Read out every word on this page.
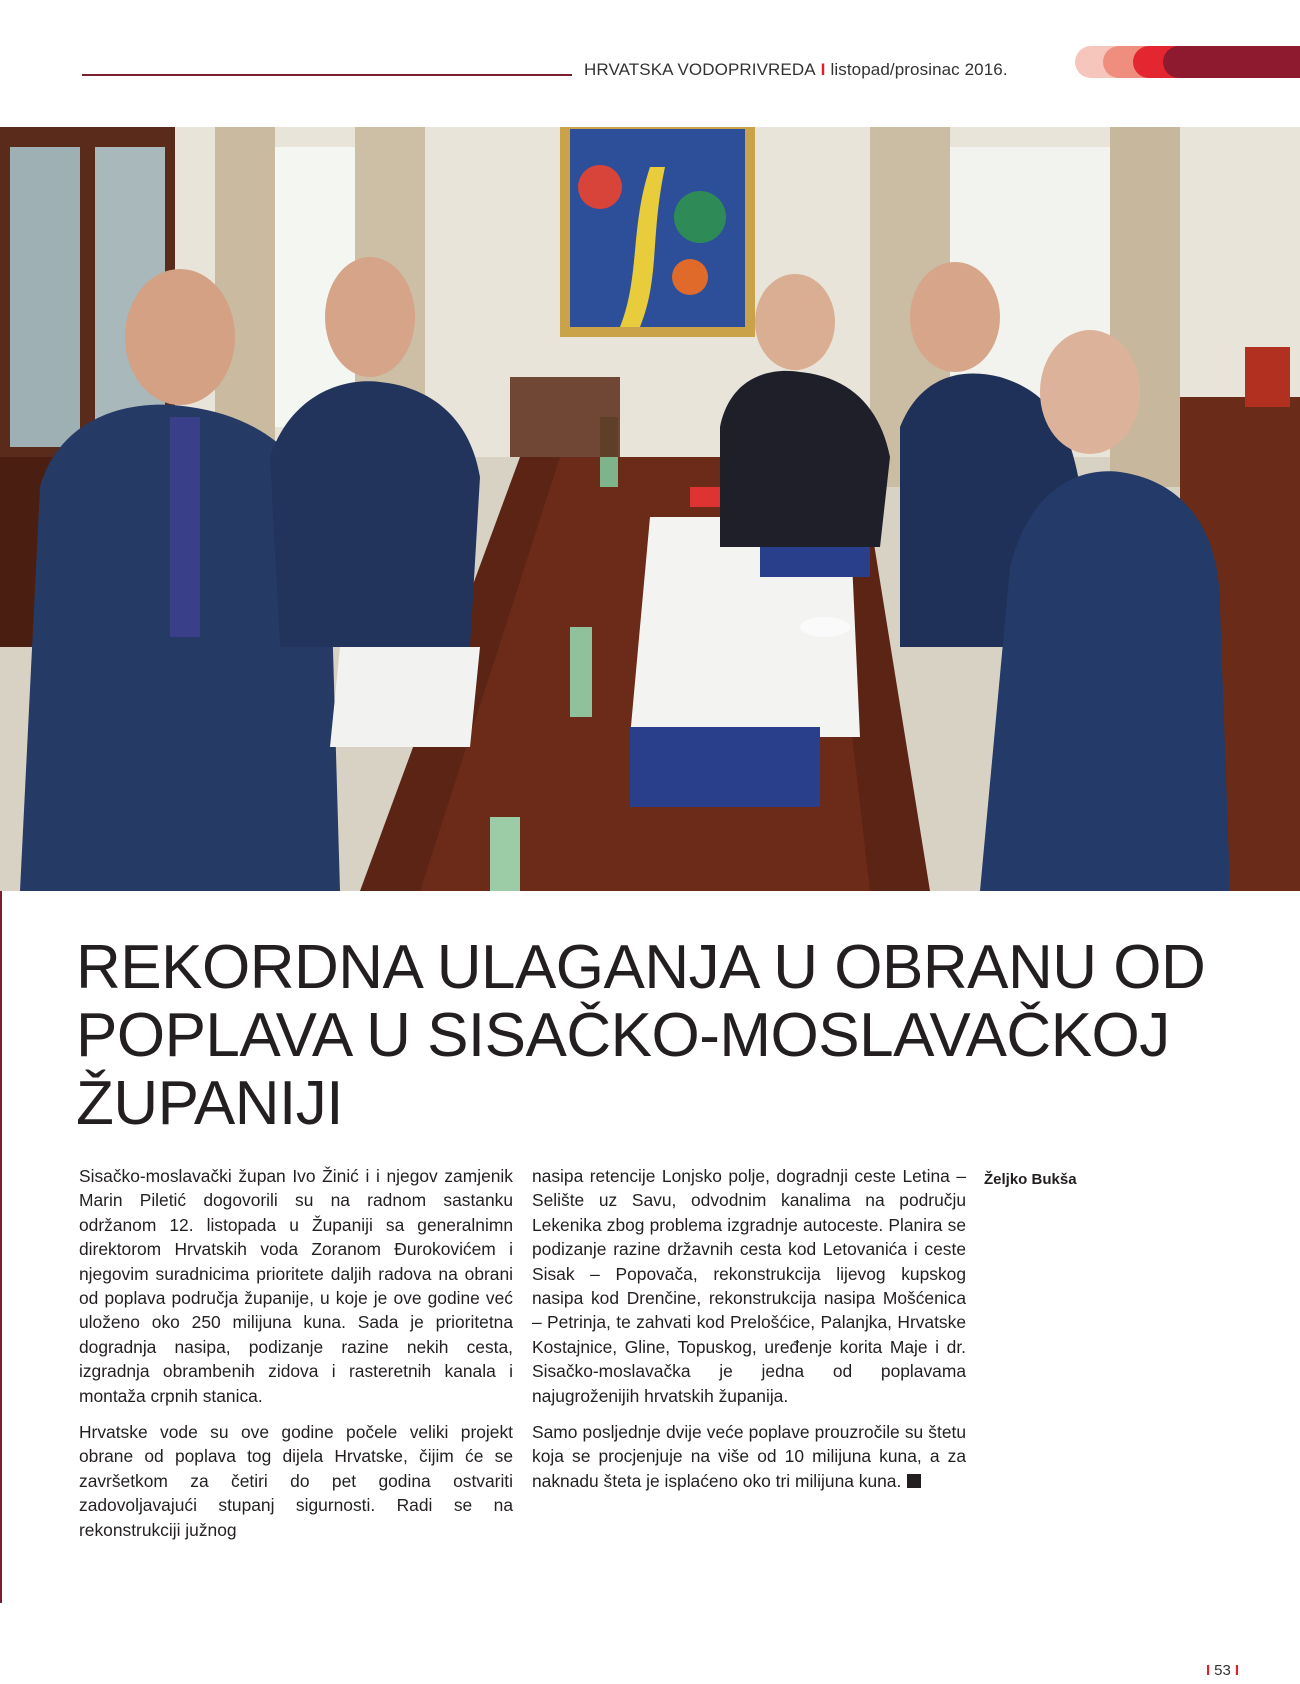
HRVATSKA VODOPRIVREDA I listopad/prosinac 2016.
REKORDNA ULAGANJA U OBRANU OD POPLAVA U SISAČKO-MOSLAVAČKOJ ŽUPANIJI

Sisačko-moslavački župan Ivo Žinić i i njegov zamjenik Marin Piletić dogovorili su na radnom sastanku održanom 12. listopada u Županiji sa generalnimn direktorom Hrvatskih voda Zoranom Đurokovićem i njegovim suradnicima prioritete daljih radova na obrani od poplava područja županije, u koje je ove godine već uloženo oko 250 milijuna kuna. Sada je prioritetna dogradnja nasipa, podizanje razine nekih cesta, izgradnja obrambenih zidova i rasteretnih kanala i montaža crpnih stanica.

Hrvatske vode su ove godine počele veliki projekt obrane od poplava tog dijela Hrvatske, čijim će se završetkom za četiri do pet godina ostvariti zadovoljavajući stupanj sigurnosti. Radi se na rekonstrukciji južnog

nasipa retencije Lonjsko polje, dogradnji ceste Letina – Selište uz Savu, odvodnim kanalima na području Lekenika zbog problema izgradnje autoceste. Planira se podizanje razine državnih cesta kod Letovanića i ceste Sisak – Popovača, rekonstrukcija lijevog kupskog nasipa kod Drenčine, rekonstrukcija nasipa Mošćenica – Petrinja, te zahvati kod Prelošćice, Palanjka, Hrvatske Kostajnice, Gline, Topuskog, uređenje korita Maje i dr. Sisačko-moslavačka je jedna od poplavama najugroženijih hrvatskih županija.

Samo posljednje dvije veće poplave prouzročile su štetu koja se procjenjuje na više od 10 milijuna kuna, a za naknadu šteta je isplaćeno oko tri milijuna kuna.

Željko Bukša
I 53 I
